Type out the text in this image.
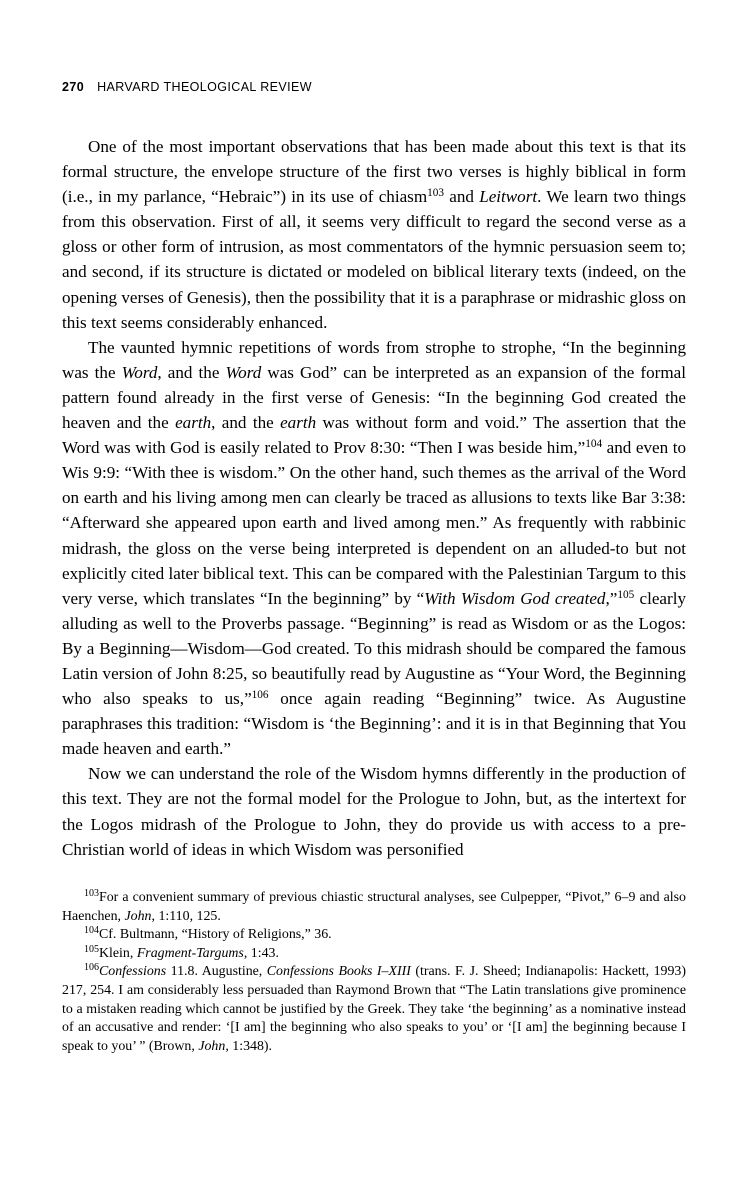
270 HARVARD THEOLOGICAL REVIEW

One of the most important observations that has been made about this text is that its formal structure, the envelope structure of the first two verses is highly biblical in form (i.e., in my parlance, “Hebraic”) in its use of chiasm$^{103}$ and Leitwort. We learn two things from this observation. First of all, it seems very difficult to regard the second verse as a gloss or other form of intrusion, as most commentators of the hymnic persuasion seem to; and second, if its structure is dictated or modeled on biblical literary texts (indeed, on the opening verses of Genesis), then the possibility that it is a paraphrase or midrashic gloss on this text seems considerably enhanced.

The vaunted hymnic repetitions of words from strophe to strophe, “In the beginning was the Word, and the Word was God” can be interpreted as an expansion of the formal pattern found already in the first verse of Genesis: “In the beginning God created the heaven and the earth, and the earth was without form and void.” The assertion that the Word was with God is easily related to Prov 8:30: “Then I was beside him,”$^{104}$ and even to Wis 9:9: “With thee is wisdom.” On the other hand, such themes as the arrival of the Word on earth and his living among men can clearly be traced as allusions to texts like Bar 3:38: “Afterward she appeared upon earth and lived among men.” As frequently with rabbinic midrash, the gloss on the verse being interpreted is dependent on an alluded-to but not explicitly cited later biblical text. This can be compared with the Palestinian Targum to this very verse, which translates “In the beginning” by “With Wisdom God created,”$^{105}$ clearly alluding as well to the Proverbs passage. “Beginning” is read as Wisdom or as the Logos: By a Beginning—Wisdom—God created. To this midrash should be compared the famous Latin version of John 8:25, so beautifully read by Augustine as “Your Word, the Beginning who also speaks to us,”$^{106}$ once again reading “Beginning” twice. As Augustine paraphrases this tradition: “Wisdom is ‘the Beginning’: and it is in that Beginning that You made heaven and earth.”

Now we can understand the role of the Wisdom hymns differently in the production of this text. They are not the formal model for the Prologue to John, but, as the intertext for the Logos midrash of the Prologue to John, they do provide us with access to a pre-Christian world of ideas in which Wisdom was personified

$^{103}$For a convenient summary of previous chiastic structural analyses, see Culpepper, “Pivot,” 6–9 and also Haenchen, John, 1:110, 125.

$^{104}$Cf. Bultmann, “History of Religions,” 36.

$^{105}$Klein, Fragment-Targums, 1:43.

$^{106}$Confessions 11.8. Augustine, Confessions Books I–XIII (trans. F. J. Sheed; Indianapolis: Hackett, 1993) 217, 254. I am considerably less persuaded than Raymond Brown that “The Latin translations give prominence to a mistaken reading which cannot be justified by the Greek. They take ‘the beginning’ as a nominative instead of an accusative and render: ‘[I am] the beginning who also speaks to you’ or ‘[I am] the beginning because I speak to you’ ” (Brown, John, 1:348).
